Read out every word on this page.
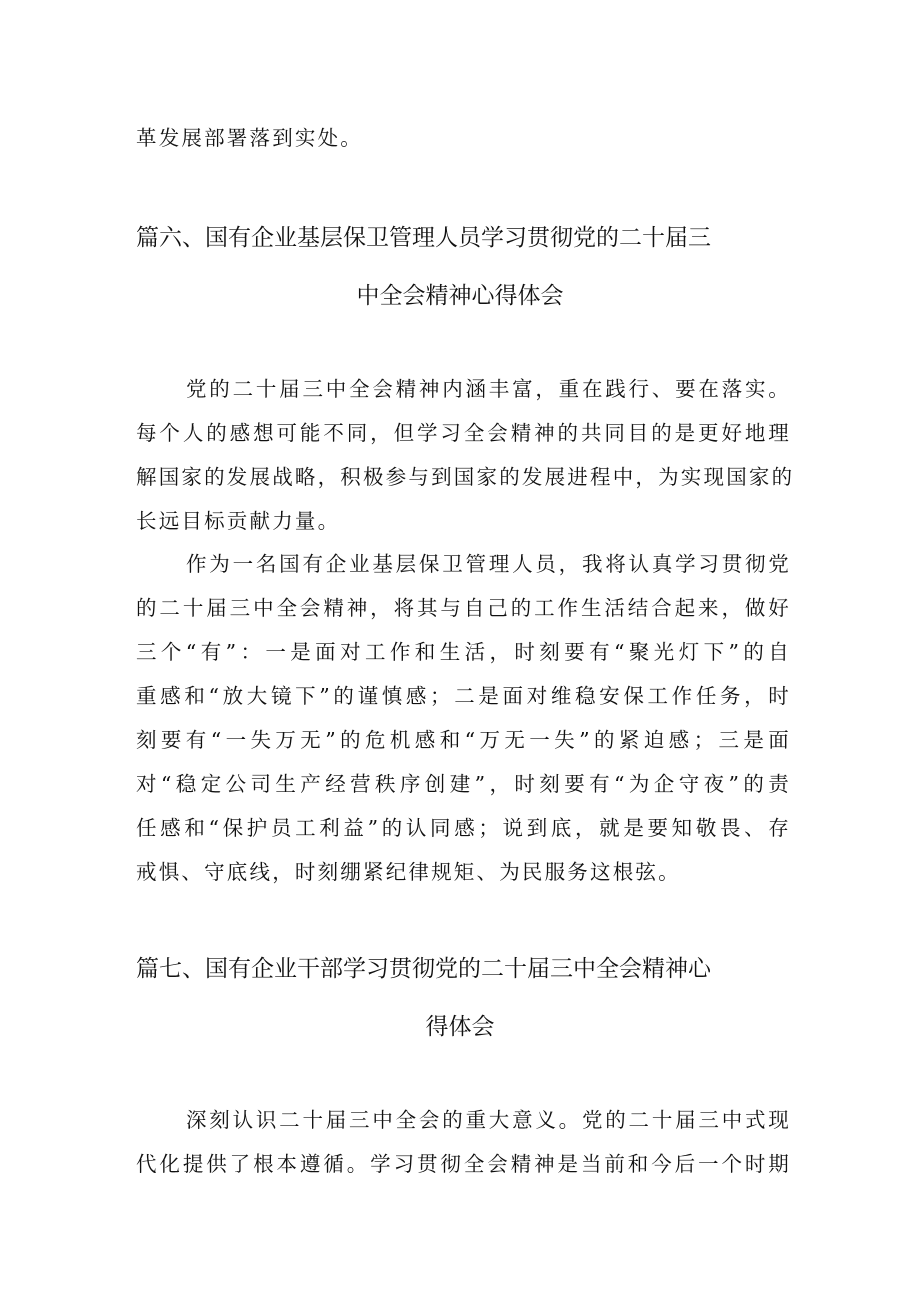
革发展部署落到实处。
篇六、国有企业基层保卫管理人员学习贯彻党的二十届三
中全会精神心得体会
党的二十届三中全会精神内涵丰富，重在践行、要在落实。
每个人的感想可能不同，但学习全会精神的共同目的是更好地理
解国家的发展战略，积极参与到国家的发展进程中，为实现国家的
长远目标贡献力量。
作为一名国有企业基层保卫管理人员，我将认真学习贯彻党
的二十届三中全会精神，将其与自己的工作生活结合起来，做好
三个“有”：一是面对工作和生活，时刻要有“聚光灯下”的自
重感和“放大镜下”的谨慎感；二是面对维稳安保工作任务，时
刻要有“一失万无”的危机感和“万无一失”的紧迫感；三是面
对“稳定公司生产经营秩序创建”，时刻要有“为企守夜”的责
任感和“保护员工利益”的认同感；说到底，就是要知敬畏、存
戒惧、守底线，时刻绷紧纪律规矩、为民服务这根弦。
篇七、国有企业干部学习贯彻党的二十届三中全会精神心
得体会
深刻认识二十届三中全会的重大意义。党的二十届三中式现
代化提供了根本遵循。学习贯彻全会精神是当前和今后一个时期
